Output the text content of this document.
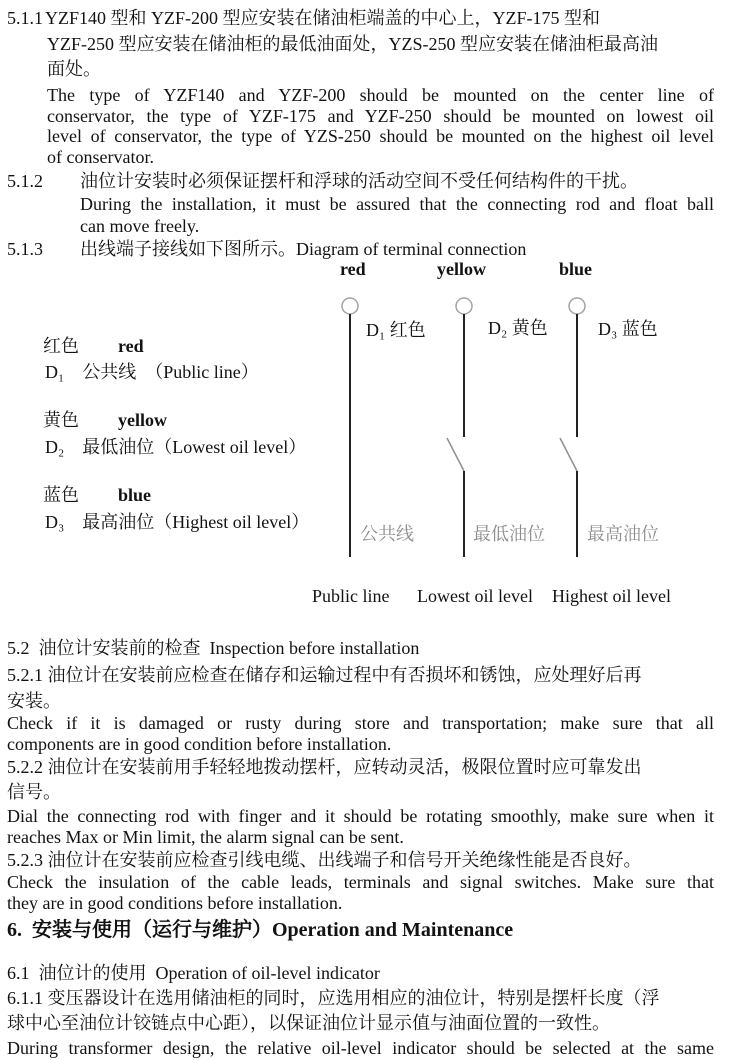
5.1.1 YZF140 型和 YZF-200 型应安装在储油柜端盖的中心上，YZF-175 型和
YZF-250 型应安装在储油柜的最低油面处，YZS-250 型应安装在储油柜最高油
面处。
The type of YZF140 and YZF-200 should be mounted on the center line of
conservator, the type of YZF-175 and YZF-250 should be mounted on lowest oil
level of conservator, the type of YZS-250 should be mounted on the highest oil level
of conservator.
5.1.2 油位计安装时必须保证摆杆和浮球的活动空间不受任何结构件的干扰。
During the installation, it must be assured that the connecting rod and float ball
can move freely.
5.1.3 出线端子接线如下图所示。Diagram of terminal connection
5.2  油位计安装前的检查  Inspection before installation
5.2.1 油位计在安装前应检查在储存和运输过程中有否损坏和锈蚀，应处理好后再
安装。
Check if it is damaged or rusty during store and transportation; make sure that all
components are in good condition before installation.
5.2.2 油位计在安装前用手轻轻地拨动摆杆，应转动灵活，极限位置时应可靠发出
信号。
Dial the connecting rod with finger and it should be rotating smoothly, make sure when it
reaches Max or Min limit, the alarm signal can be sent.
5.2.3 油位计在安装前应检查引线电缆、出线端子和信号开关绝缘性能是否良好。
Check the insulation of the cable leads, terminals and signal switches. Make sure that
they are in good conditions before installation.
6.  安装与使用（运行与维护）Operation and Maintenance
6.1  油位计的使用  Operation of oil-level indicator
6.1.1 变压器设计在选用储油柜的同时，应选用相应的油位计，特别是摆杆长度（浮
球中心至油位计铰链点中心距），以保证油位计显示值与油面位置的一致性。
During transformer design, the relative oil-level indicator should be selected at the same
red	yellow	blue
D₁ 红色	D₂ 黄色	D₃ 蓝色
公共线	最低油位 最高油位
Public line Lowest oil level Highest oil level
红色 red
D₁　公共线　（Public line）
黄色 yellow
D₂　最低油位（Lowest oil level）
蓝色 blue
D₃　最高油位（Highest oil level）
